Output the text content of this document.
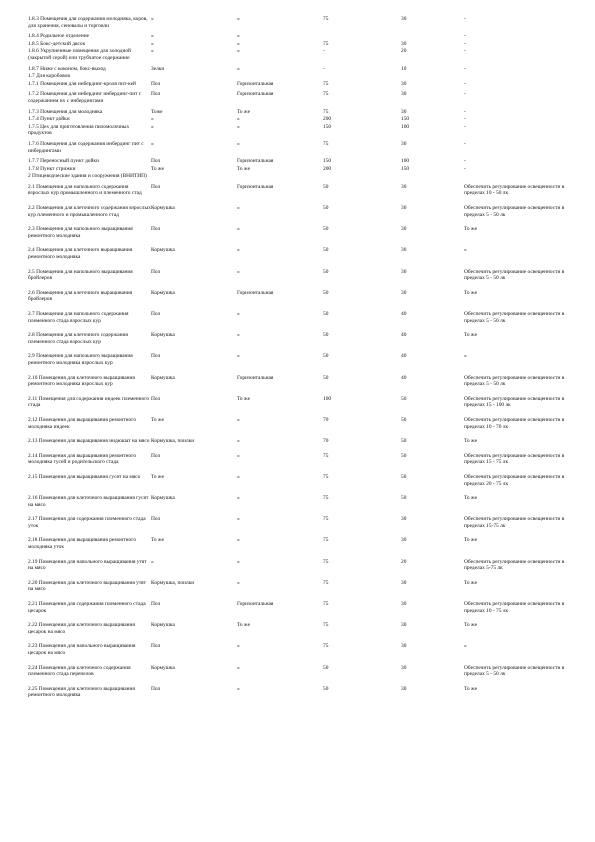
1.8.3 Помещения для содержания молодняка, коров, для хранения, сеновалы и торговли	«	«	75	30	-
1.8.4 Родильное отделение	«	«			-
1.8.5 Бокс-детский двсок	«	«	75	30	-
1.8.6 Укрупненные помещения для холодной (закрытой серой) или трубчатое содержание	«	«	-	20	-
1.8.7 Ниже с коконом, бокс-выход	Зелки	«	-	10	-
1.7 Для коробовов					
1.7.1 Помещения для инбердинг-кроля пит-кей	Пол	Горизонтальная	75	30	-
1.7.2 Помещения для инбердинг инбердинг-пит с содержанием их с инбердингами	Пол	Горизонтальная	75	30	-
1.7.3 Помещения для молодняка	Тоже	То же	75	30	-
1.7.4 Пункт дойки	«	«	200	150	-
1.7.5 Цех для приготовления пиломолочных продуктов	«	«	150	100	-
1.7.6 Помещения для содержания инбердинг пит с инбердингами	«	«	75	30	-
1.7.7 Переносный пункт дойки	Пол	Горизонтальная	150	100	-
1.7.8 Пункт стрижки	То же	То же	200	150	-
2 Птицеводческие здания и сооружения (ВНИТИП)					
2.1 Помещения для напольного содержания взрослых кур промышленного и племенного стад	Пол	Горизонтальная	50	30	Обеспечить регулирование освещенности в пределах 10 - 50 лк
2.2 Помещения для клеточного содержания взрослых кур племенного и промышленного стад	Кормушка	«	50	30	Обеспечить регулирование освещенности в пределах 5 - 50 лк
2.3 Помещения для напольного выращивания ремонтного молодняка	Пол	«	50	30	То же
2.4 Помещения для клеточного выращивания ремонтного молодняка	Кормушка	«	50	30	«
2.5 Помещения для напольного выращивания бройлеров	Пол	«	50	30	Обеспечить регулирование освещенности в пределах 5 - 50 лк
2.6 Помещения для клеточного выращивания бройлеров	Кормушка	Горизонтальная	50	30	То же
2.7 Помещения для напольного содержания племенного стада взрослых кур	Пол	«	50	40	Обеспечить регулирование освещенности в пределах 5 - 50 лк
2.8 Помещения для клеточного содержания племенного стада взрослых кур	Кормушка	«	50	40	То же
2.9 Помещения для напольного выращивания ремонтного молодняка взрослых кур	Пол	«	50	40	«
2.10 Помещения для клеточного выращивания ремонтного молодняка взрослых кур	Кормушка	Горизонтальная	50	40	Обеспечить регулирование освещенности в пределах 5 - 50 лк
2.11 Помещения для содержания индеек племенного стада	Пол	То же	100	50	Обеспечить регулирование освещенности в пределах 15 - 100 лк
2.12 Помещения для выращивания ремонтного молодняка индеек	То же	«	70	50	Обеспечить регулирование освещенности в пределах 10 - 70 лк
2.13 Помещения для выращивания индюшат на мясо	Кормушка, поилки	«	70	50	То же
2.14 Помещения для выращивания ремонтного молодняка гусей и родительского стада	Пол	«	75	50	Обеспечить регулирование освещенности в пределах 15 - 75 лк
2.15 Помещения для выращивания гусят на мясо	То же	«	75	50	Обеспечить регулирование освещенности в пределах 20 - 75 лк
2.16 Помещения для клеточного выращивания гусят на мясо	Кормушка	«	75	50	То же
2.17 Помещения для содержания племенного стада уток	Пол	«	75	30	Обеспечить регулирование освещенности в пределах 15-75 лк
2.18 Помещения для выращивания ремонтного молодняка уток	То же	«	75	30	То же
2.19 Помещения для напольного выращивания утят на мясо	«	«	75	20	Обеспечить регулирование освещенности в пределах 5-75 лк
2.20 Помещения для клеточного выращивания утят на мясо	Кормушка, поилки	«	75	30	То же
2.21 Помещения для содержания племенного стада цесарок	Пол	Горизонтальная	75	30	Обеспечить регулирование освещенности в пределах 10 - 75 лк
2.22 Помещения для клеточного выращивания цесарок на мясо	Кормушка	То же	75	30	То же
2.23 Помещения для напольного выращивания цесарок на мясо	Пол	«	75	30	«
2.24 Помещения для клеточного содержания племенного стада перепелов	Кормушка	«	50	30	Обеспечить регулирование освещенности в пределах 5 - 50 лк
2.25 Помещения для клеточного выращивания ремонтного молодняка	Пол	«	50	30	То же
